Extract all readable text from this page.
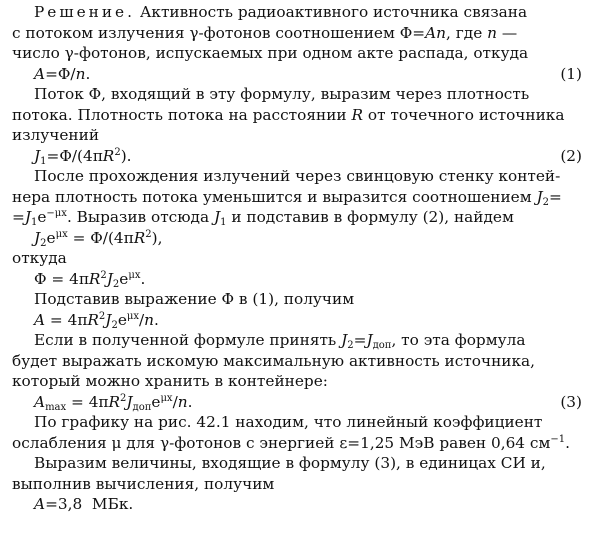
Решение. Активность радиоактивного источника связана
с потоком излучения γ-фотонов соотношением Φ=An, где n —
число γ-фотонов, испускаемых при одном акте распада, откуда
A=Φ/n.	(1)
Поток Φ, входящий в эту формулу, выразим через плотность
потока. Плотность потока на расстоянии R от точечного источника
излучений
$J_1=\Phi/(4\pi R^2)$.	(2)
После прохождения излучений через свинцовую стенку контей-
нера плотность потока уменьшится и выразится соотношением $J_2=$
$=J_1e^{-\mu x}$. Выразив отсюда $J_1$ и подставив в формулу (2), найдем
$J_2e^{\mu x} = \Phi/(4\pi R^2)$,
откуда
$\Phi = 4\pi R^2J_2e^{\mu x}$.
Подставив выражение Φ в (1), получим
$A = 4\pi R^2J_2e^{\mu x}/n$.
Если в полученной формуле принять $J_2=J_{доп}$, то эта формула
будет выражать искомую максимальную активность источника,
который можно хранить в контейнере:
$A_{max} = 4\pi R^2J_{доп}e^{\mu x}/n$.	(3)
По графику на рис. 42.1 находим, что линейный коэффициент
ослабления μ для γ-фотонов с энергией ε=1,25 МэВ равен 0,64 $см^{-1}$.
Выразим величины, входящие в формулу (3), в единицах СИ и,
выполнив вычисления, получим
A=3,8  МБк.
